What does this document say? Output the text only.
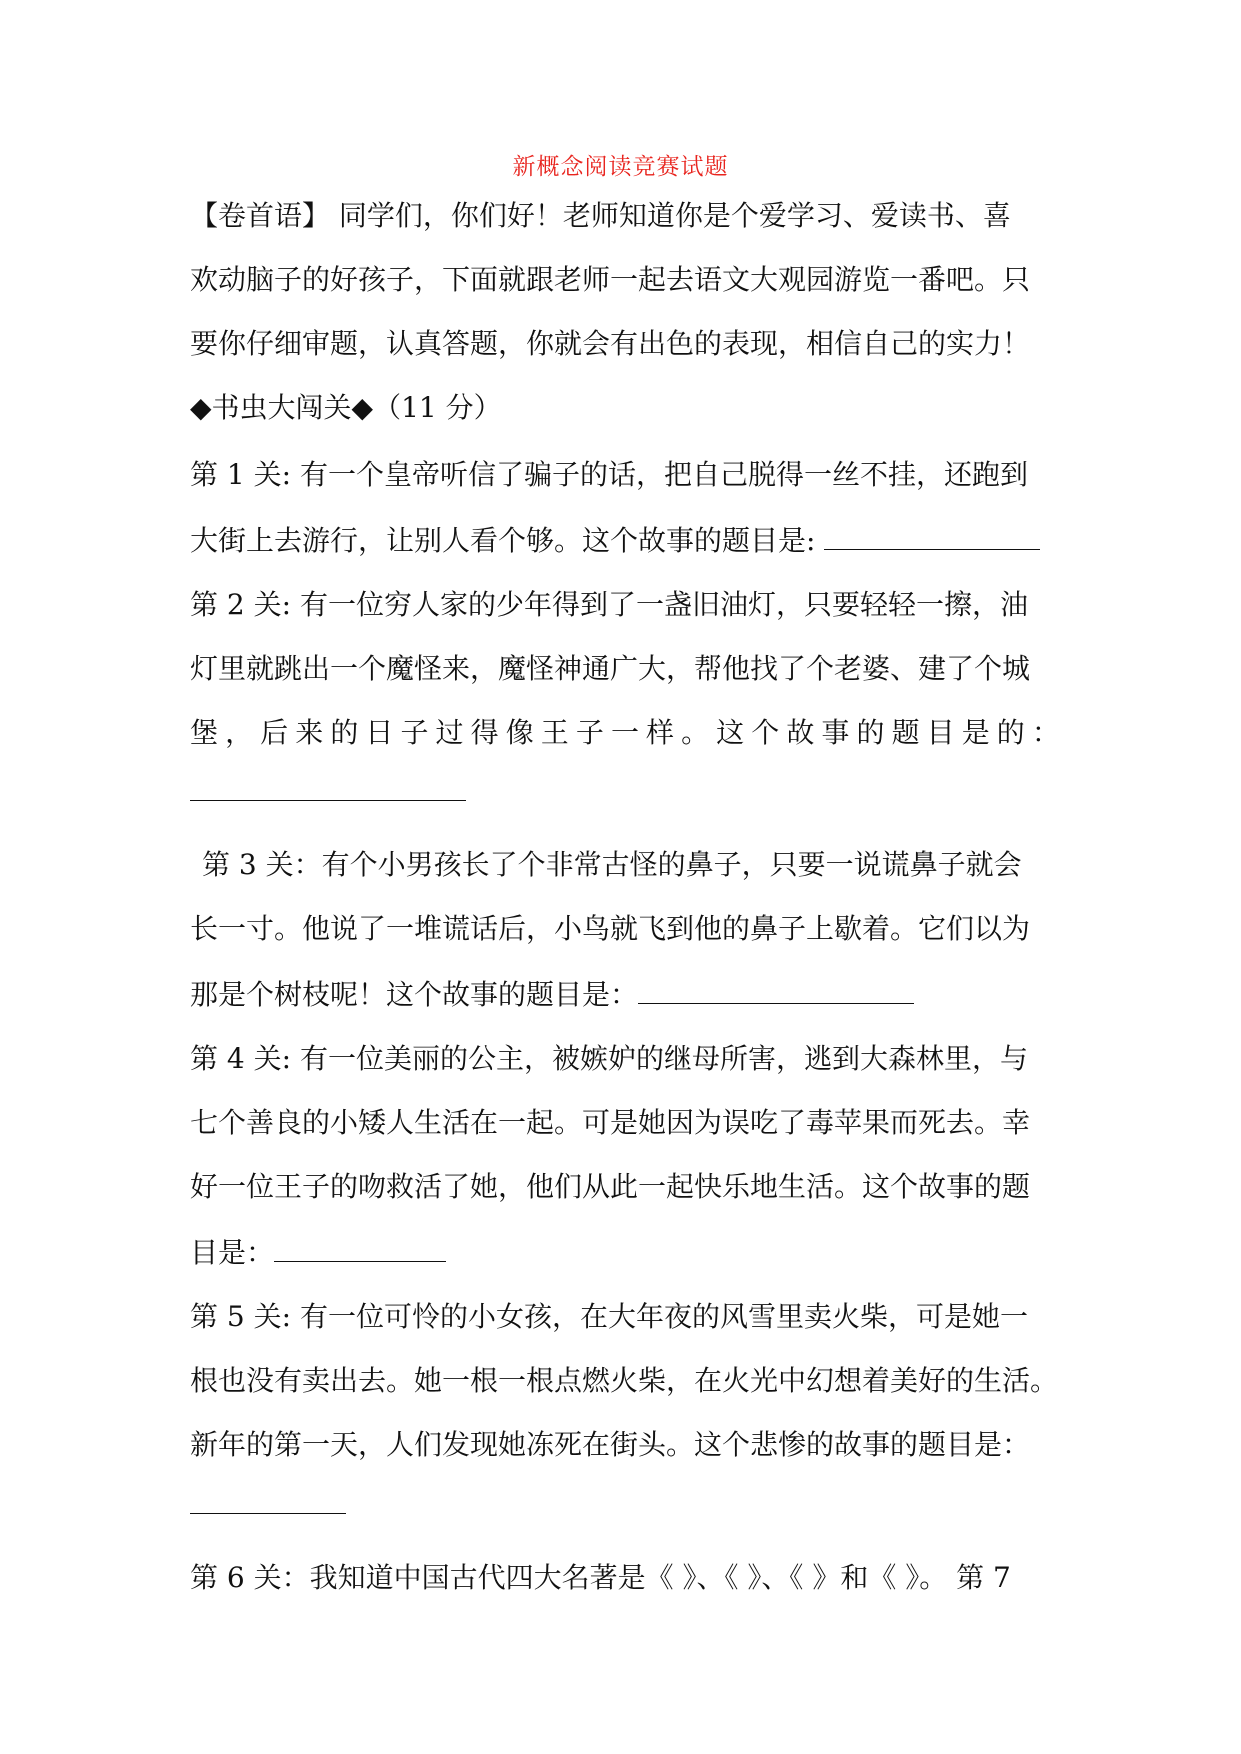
新概念阅读竞赛试题
【卷首语】 同学们，你们好！老师知道你是个爱学习、爱读书、喜
欢动脑子的好孩子，下面就跟老师一起去语文大观园游览一番吧。只
要你仔细审题，认真答题，你就会有出色的表现，相信自己的实力！
◆书虫大闯关◆（11 分）
第 1 关: 有一个皇帝听信了骗子的话，把自己脱得一丝不挂，还跑到
大街上去游行，让别人看个够。这个故事的题目是:
第 2 关: 有一位穷人家的少年得到了一盏旧油灯，只要轻轻一擦，油
灯里就跳出一个魔怪来，魔怪神通广大，帮他找了个老婆、建了个城
堡 ， 后 来 的 日 子 过 得 像 王 子 一 样 。 这 个 故 事 的 题 目 是 的 ：
第 3 关：有个小男孩长了个非常古怪的鼻子，只要一说谎鼻子就会
长一寸。他说了一堆谎话后，小鸟就飞到他的鼻子上歇着。它们以为
那是个树枝呢！这个故事的题目是：
第 4 关: 有一位美丽的公主，被嫉妒的继母所害，逃到大森林里，与
七个善良的小矮人生活在一起。可是她因为误吃了毒苹果而死去。幸
好一位王子的吻救活了她，他们从此一起快乐地生活。这个故事的题
目是：
第 5 关: 有一位可怜的小女孩，在大年夜的风雪里卖火柴，可是她一
根也没有卖出去。她一根一根点燃火柴，在火光中幻想着美好的生活。
新年的第一天，人们发现她冻死在街头。这个悲惨的故事的题目是：
第 6 关：我知道中国古代四大名著是《 》、《 》、《 》和《 》。 第 7
